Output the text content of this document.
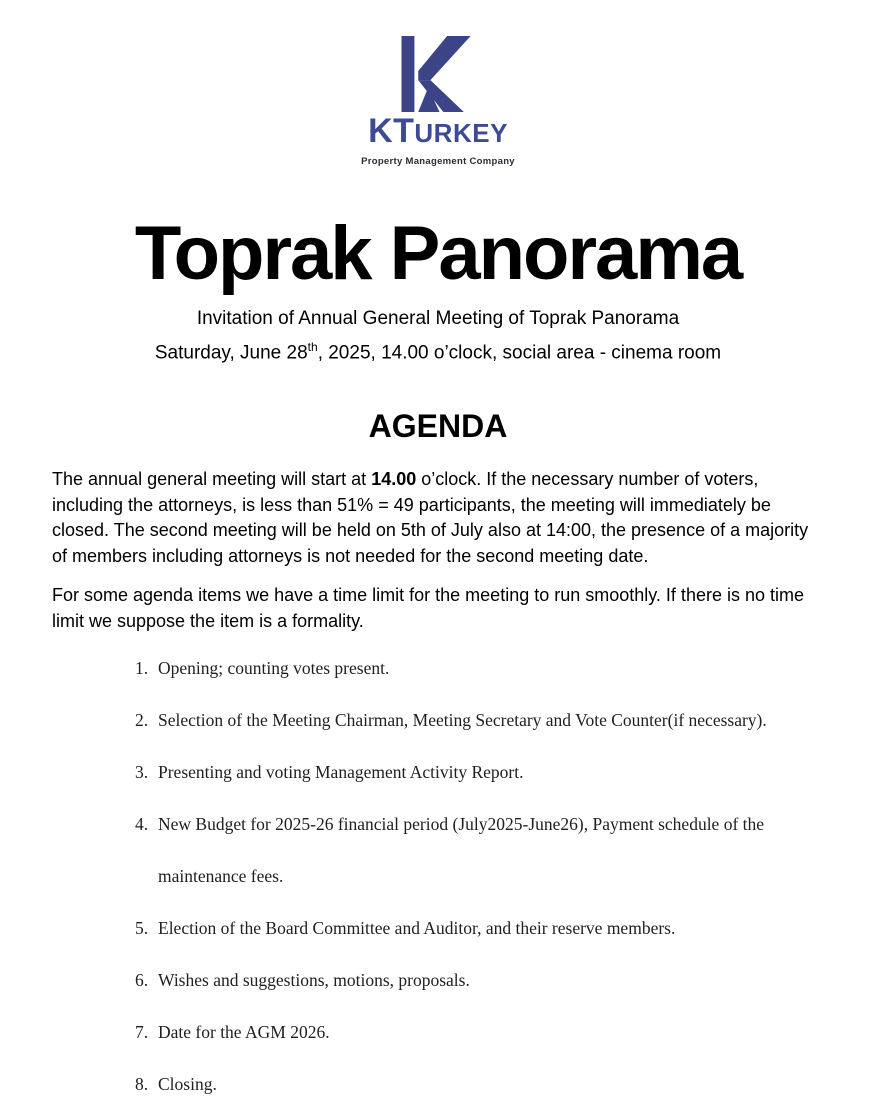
KTURKEY
Property Management Company
Toprak Panorama
Invitation of Annual General Meeting of Toprak Panorama
Saturday, June 28th, 2025, 14.00 o’clock, social area - cinema room
AGENDA

The annual general meeting will start at 14.00 o’clock. If the necessary number of voters, including the attorneys, is less than 51% = 49 participants, the meeting will immediately be closed. The second meeting will be held on 5th of July also at 14:00, the presence of a majority of members including attorneys is not needed for the second meeting date.

For some agenda items we have a time limit for the meeting to run smoothly. If there is no time limit we suppose the item is a formality.

1. Opening; counting votes present.
2. Selection of the Meeting Chairman, Meeting Secretary and Vote Counter(if necessary).
3. Presenting and voting Management Activity Report.
4. New Budget for 2025-26 financial period (July2025-June26), Payment schedule of the maintenance fees.
5. Election of the Board Committee and Auditor, and their reserve members.
6. Wishes and suggestions, motions, proposals.
7. Date for the AGM 2026.
8. Closing.
